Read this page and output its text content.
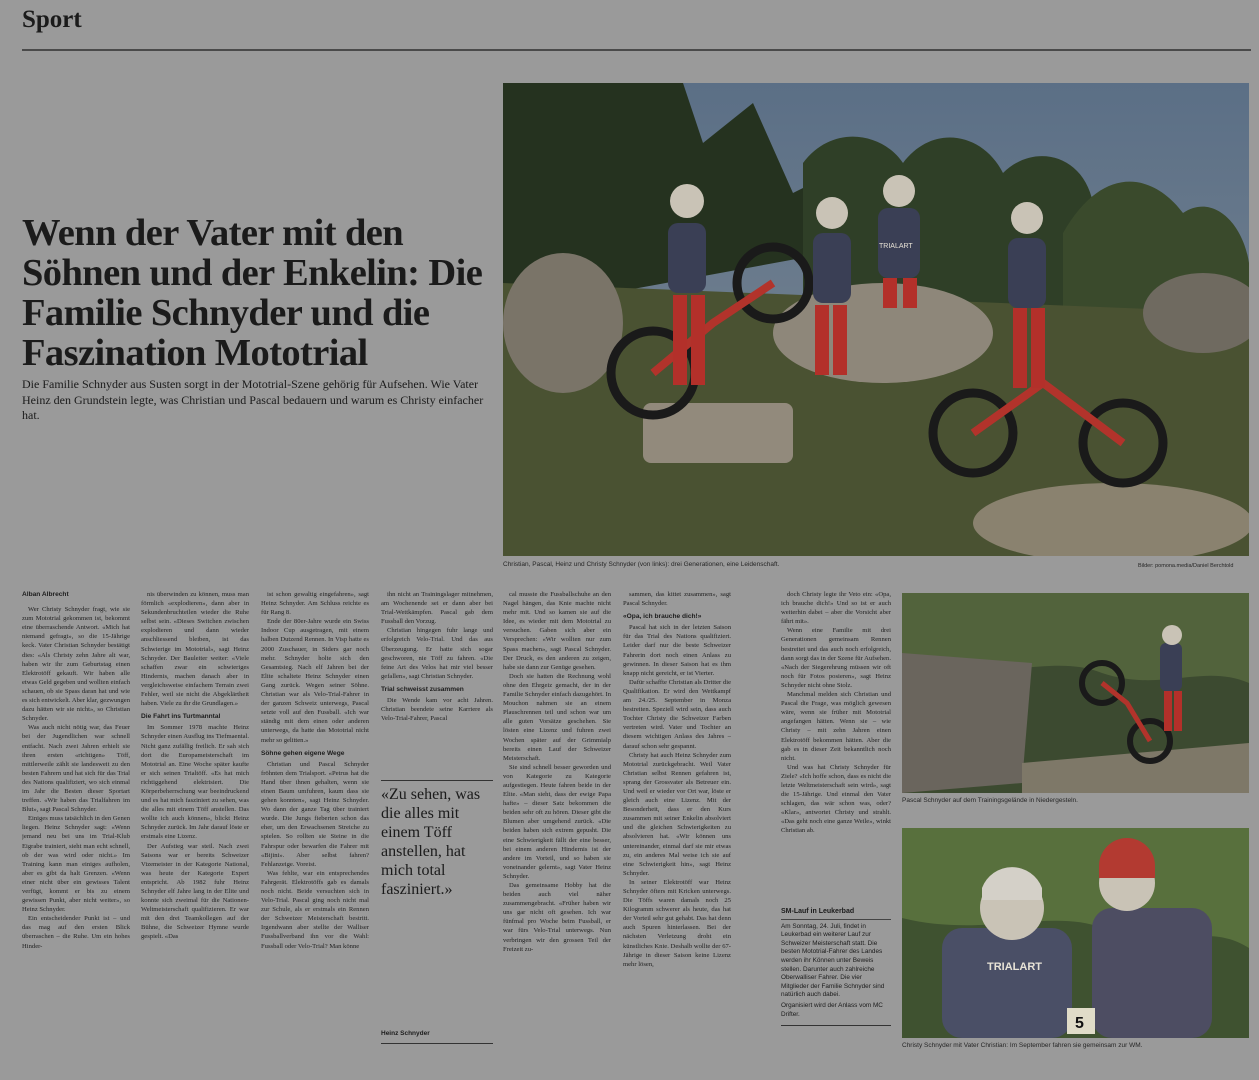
Sport
Wenn der Vater mit den Söhnen und der Enkelin: Die Familie Schnyder und die Faszination Mototrial

Die Familie Schnyder aus Susten sorgt in der Mototrial-Szene gehörig für Aufsehen. Wie Vater Heinz den Grundstein legte, was Christian und Pascal bedauern und warum es Christy einfacher hat.

TRIALART
Christian, Pascal, Heinz und Christy Schnyder (von links): drei Generationen, eine Leidenschaft.	Bilder: pomona.media/Daniel Berchtold
Pascal Schnyder auf dem Trainingsgelände in Niedergesteln.
TRIALART
5
Christy Schnyder mit Vater Christian: Im September fahren sie gemeinsam zur WM.

Alban Albrecht

Wer Christy Schnyder fragt, wie sie zum Mototrial gekommen ist, bekommt eine überraschende Antwort. «Mich hat niemand gefragt», so die 15-Jährige keck. Vater Christian Schnyder bestätigt dies: «Als Christy zehn Jahre alt war, haben wir ihr zum Geburtstag einen Elektrotöff gekauft. Wir haben alle etwas Geld gegeben und wollten einfach schauen, ob sie Spass daran hat und wie es sich entwickelt. Aber klar, gezwungen dazu hätten wir sie nicht», so Christian Schnyder.

Was auch nicht nötig war, das Feuer bei der Jugendlichen war schnell entfacht. Nach zwei Jahren erhielt sie ihren ersten «richtigen» Töff, mittlerweile zählt sie landesweit zu den besten Fahrern und hat sich für das Trial des Nations qualifiziert, wo sich einmal im Jahr die Besten dieser Sportart treffen. «Wir haben das Trialfahren im Blut», sagt Pascal Schnyder.

Einiges muss tatsächlich in den Genen liegen. Heinz Schnyder sagt: «Wenn jemand neu bei uns im Trial-Klub Eigrabe trainiert, sieht man echt schnell, ob der was wird oder nicht.» Im Training kann man einiges aufholen, aber es gibt da halt Grenzen. «Wenn einer nicht über ein gewisses Talent verfügt, kommt er bis zu einem gewissen Punkt, aber nicht weiter», so Heinz Schnyder.

Ein entscheidender Punkt ist – und das mag auf den ersten Blick überraschen – die Ruhe. Um ein hohes Hinder-

nis überwinden zu können, muss man förmlich «explodieren», dann aber in Sekundenbruchteilen wieder die Ruhe selbst sein. «Dieses Switchen zwischen explodieren und dann wieder anschliessend bleiben, ist das Schwierige im Mototrial», sagt Heinz Schnyder. Der Bauleiter weiter: «Viele schaffen zwar ein schwieriges Hindernis, machen danach aber in vergleichsweise einfachem Terrain zwei Fehler, weil sie nicht die Abgeklärtheit haben. Viele zu ihr die Grundlagen.»

Die Fahrt ins Turtmanntal

Im Sommer 1978 machte Heinz Schnyder einen Ausflug ins Tiefmaental. Nicht ganz zufällig freilich. Er sah sich dort die Europameisterschaft im Mototrial an. Eine Woche später kaufte er sich seinen Trialtöff. «Es hat mich richtiggehend elektrisiert. Die Körperbeherrschung war beeindruckend und es hat mich fasziniert zu sehen, was die alles mit einem Töff anstellen. Das wollte ich auch können», blickt Heinz Schnyder zurück. Im Jahr darauf löste er erstmals eine Lizenz.

Der Aufstieg war steil. Nach zwei Saisons war er bereits Schweizer Vizemeister in der Kategorie National, was heute der Kategorie Expert entspricht. Ab 1982 fuhr Heinz Schnyder elf Jahre lang in der Elite und konnte sich zweimal für die Nationen-Weltmeisterschaft qualifizieren. Er war mit den drei Teamkollegen auf der Bühne, die Schweizer Hymne wurde gespielt. «Das

ist schon gewaltig eingefahren», sagt Heinz Schnyder. Am Schluss reichte es für Rang 8.

Ende der 80er-Jahre wurde ein Swiss Indoor Cup ausgetragen, mit einem halben Dutzend Rennen. In Visp hatte es 2000 Zuschauer, in Siders gar noch mehr. Schnyder holte sich den Gesamtsieg. Nach elf Jahren bei der Elite schaltete Heinz Schnyder einen Gang zurück. Wegen seiner Söhne. Christian war als Velo-Trial-Fahrer in der ganzen Schweiz unterwegs, Pascal setzte voll auf den Fussball. «Ich war ständig mit dem einen oder anderen unterwegs, da hatte das Mototrial nicht mehr so gelitten.»

Söhne gehen eigene Wege

Christian und Pascal Schnyder fröhnten dem Trialsport. «Petrus hat die Hand über ihnen gehalten, wenn sie einen Baum umfuhren, kaum dass sie gehen konnten», sagt Heinz Schnyder. Wo dann der ganze Tag über trainiert wurde. Die Jungs fieberten schon das eher, um den Erwachsenen Streiche zu spielen. So rollten sie Steine in die Fahrspur oder bewarfen die Fahrer mit «Bijini». Aber selbst fahren? Fehlanzeige. Voreist.

Was fehlte, war ein entsprechendes Fahrgerät. Elektrotöffs gab es damals noch nicht. Beide versuchten sich in Velo-Trial. Pascal ging noch nicht mal zur Schule, als er erstmals ein Rennen der Schweizer Meisterschaft bestritt. Irgendwann aber stellte der Walliser Fussballverband ihn vor die Wahl: Fussball oder Velo-Trial? Man könne

ihn nicht an Trainingslager mitnehmen, am Wochenende sei er dann aber bei Trial-Wettkämpfen. Pascal gab dem Fussball den Vorzug.

Christian hingegen fuhr lange und erfolgreich Velo-Trial. Und das aus Überzeugung. Er hatte sich sogar geschworen, nie Töff zu fahren. «Die feine Art des Velos hat mir viel besser gefallen», sagt Christian Schnyder.

Trial schweisst zusammen

Die Wende kam vor acht Jahren. Christian beendete seine Karriere als Velo-Trial-Fahrer, Pascal

«Zu sehen, was die alles mit einem Töff anstellen, hat mich total fasziniert.»
Heinz Schnyder

cal musste die Fussballschuhe an den Nagel hängen, das Knie machte nicht mehr mit. Und so kamen sie auf die Idee, es wieder mit dem Mototrial zu versuchen. Gaben sich aber ein Versprechen: «Wir wollten nur zum Spass machen», sagt Pascal Schnyder. Der Druck, es den anderen zu zeigen, habe sie dann zur Genüge gesehen.

Doch sie hatten die Rechnung wohl ohne den Ehrgeiz gemacht, der in der Familie Schnyder einfach dazugehört. In Mouchon nahmen sie an einem Plauschrennen teil und schon war um alle guten Vorsätze geschehen. Sie lösten eine Lizenz und fuhren zwei Wochen später auf der Grimmialp bereits einen Lauf der Schweizer Meisterschaft.

Sie sind schnell besser geworden und von Kategorie zu Kategorie aufgestiegen. Heute fahren beide in der Elite. «Man sieht, dass der ewige Papa hafte» – dieser Satz bekommen die beiden sehr oft zu hören. Dieser gibt die Blumen aber umgehend zurück. «Die beiden haben sich extrem gepusht. Die eine Schwierigkeit fällt der eine besser, bei einem anderen Hindernis ist der andere im Vorteil, und so haben sie voneinander gelernt», sagt Vater Heinz Schnyder.

Das gemeinsame Hobby hat die beiden auch viel näher zusammengebracht. «Früher haben wir uns gar nicht oft gesehen. Ich war fünfmal pro Woche beim Fussball, er war fürs Velo-Trial unterwegs. Nun verbringen wir den grossen Teil der Freizeit zu-

sammen, das kittet zusammen», sagt Pascal Schnyder.

«Opa, ich brauche dich!»

Pascal hat sich in der letzten Saison für das Trial des Nations qualifiziert. Leider darf nur die beste Schweizer Fahrerin dort noch einen Anlass zu gewinnen. In dieser Saison hat es ihm knapp nicht gereicht, er ist Vierter.

Dafür schaffte Christian als Dritter die Qualifikation. Er wird den Wettkampf am 24./25. September in Monza bestreiten. Speziell wird sein, dass auch Tochter Christy die Schweizer Farben vertreten wird. Vater und Tochter an diesem wichtigen Anlass des Jahres – darauf schon sehr gespannt.

Christy hat auch Heinz Schnyder zum Mototrial zurückgebracht. Weil Vater Christian selbst Rennen gefahren ist, sprang der Grossvater als Betreuer ein. Und weil er wieder vor Ort war, löste er gleich auch eine Lizenz. Mit der Besonderheit, dass er den Kurs zusammen mit seiner Enkelin absolviert und die gleichen Schwierigkeiten zu absolvieren hat. «Wir können uns untereinander, einmal darf sie mir etwas zu, ein anderes Mal weise ich sie auf eine Schwierigkeit hin», sagt Heinz Schnyder.

In seiner Elektrotöff war Heinz Schnyder öfters mit Kricken unterwegs. Die Töffs waren damals noch 25 Kilogramm schwerer als heute, das hat der Vorteil sehr gut gehabt. Das hat denn auch Spuren hinterlassen. Bei der nächsten Verletzung droht ein künstliches Knie. Deshalb wollte der 67-Jährige in dieser Saison keine Lizenz mehr lösen,

doch Christy legte ihr Veto ein: «Opa, ich brauche dich!» Und so ist er auch weiterhin dabei – aber die Vorsicht aber fährt mit».

Wenn eine Familie mit drei Generationen gemeinsam Rennen bestreitet und das auch noch erfolgreich, dann sorgt das in der Szene für Aufsehen. «Nach der Siegerehrung müssen wir oft noch für Fotos posieren», sagt Heinz Schnyder nicht ohne Stolz.

Manchmal melden sich Christian und Pascal die Frage, was möglich gewesen wäre, wenn sie früher mit Mototrial angefangen hätten. Wenn sie – wie Christy – mit zehn Jahren einen Elektrotöff bekommen hätten. Aber die gab es in dieser Zeit bekanntlich noch nicht.

Und was hat Christy Schnyder für Ziele? «Ich hoffe schon, dass es nicht die letzte Weltmeisterschaft sein wird», sagt die 15-Jährige. Und einmal den Vater schlagen, das wär schon was, oder? «Klar», antwortet Christy und strahlt. «Das geht noch eine ganze Weile», winkt Christian ab.

SM-Lauf in Leukerbad
Am Sonntag, 24. Juli, findet in Leukerbad ein weiterer Lauf zur Schweizer Meisterschaft statt. Die besten Mototrial-Fahrer des Landes werden ihr Können unter Beweis stellen. Darunter auch zahlreiche Oberwalliser Fahrer. Die vier Mitglieder der Familie Schnyder sind natürlich auch dabei.
Organisiert wird der Anlass vom MC Drifter.
